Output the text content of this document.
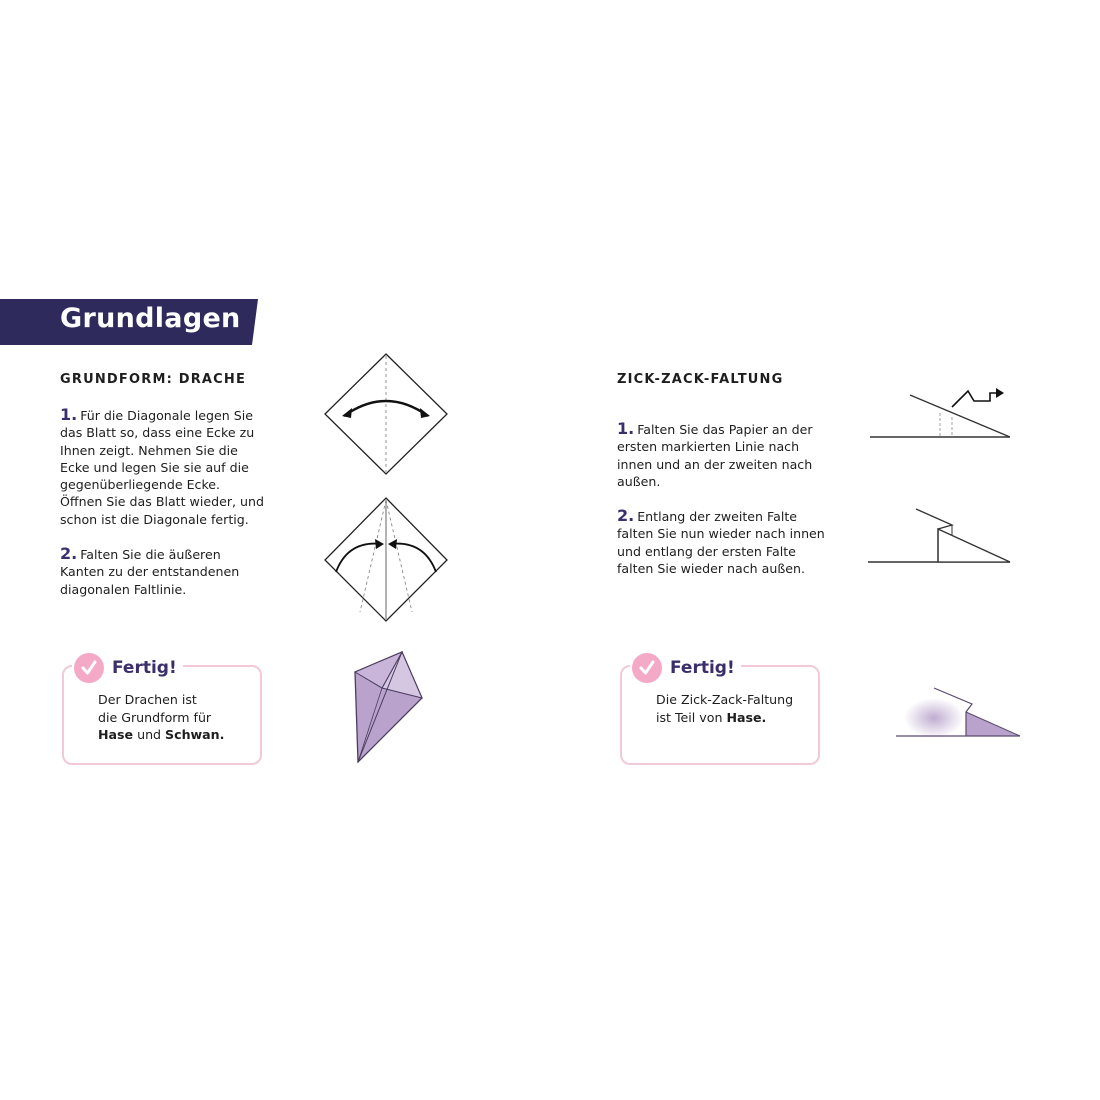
Grundlagen
GRUNDFORM: DRACHE
1. Für die Diagonale legen Sie das Blatt so, dass eine Ecke zu Ihnen zeigt. Nehmen Sie die Ecke und legen Sie sie auf die gegenüberliegende Ecke. Öffnen Sie das Blatt wieder, und schon ist die Diagonale fertig.
2. Falten Sie die äußeren Kanten zu der entstandenen diagonalen Faltlinie.
Fertig!
Der Drachen ist
die Grundform für
Hase und Schwan.
ZICK-ZACK-FALTUNG
1. Falten Sie das Papier an der ersten markierten Linie nach innen und an der zweiten nach außen.
2. Entlang der zweiten Falte falten Sie nun wieder nach innen und entlang der ersten Falte falten Sie wieder nach außen.
Fertig!
Die Zick-Zack-Faltung
ist Teil von Hase.
